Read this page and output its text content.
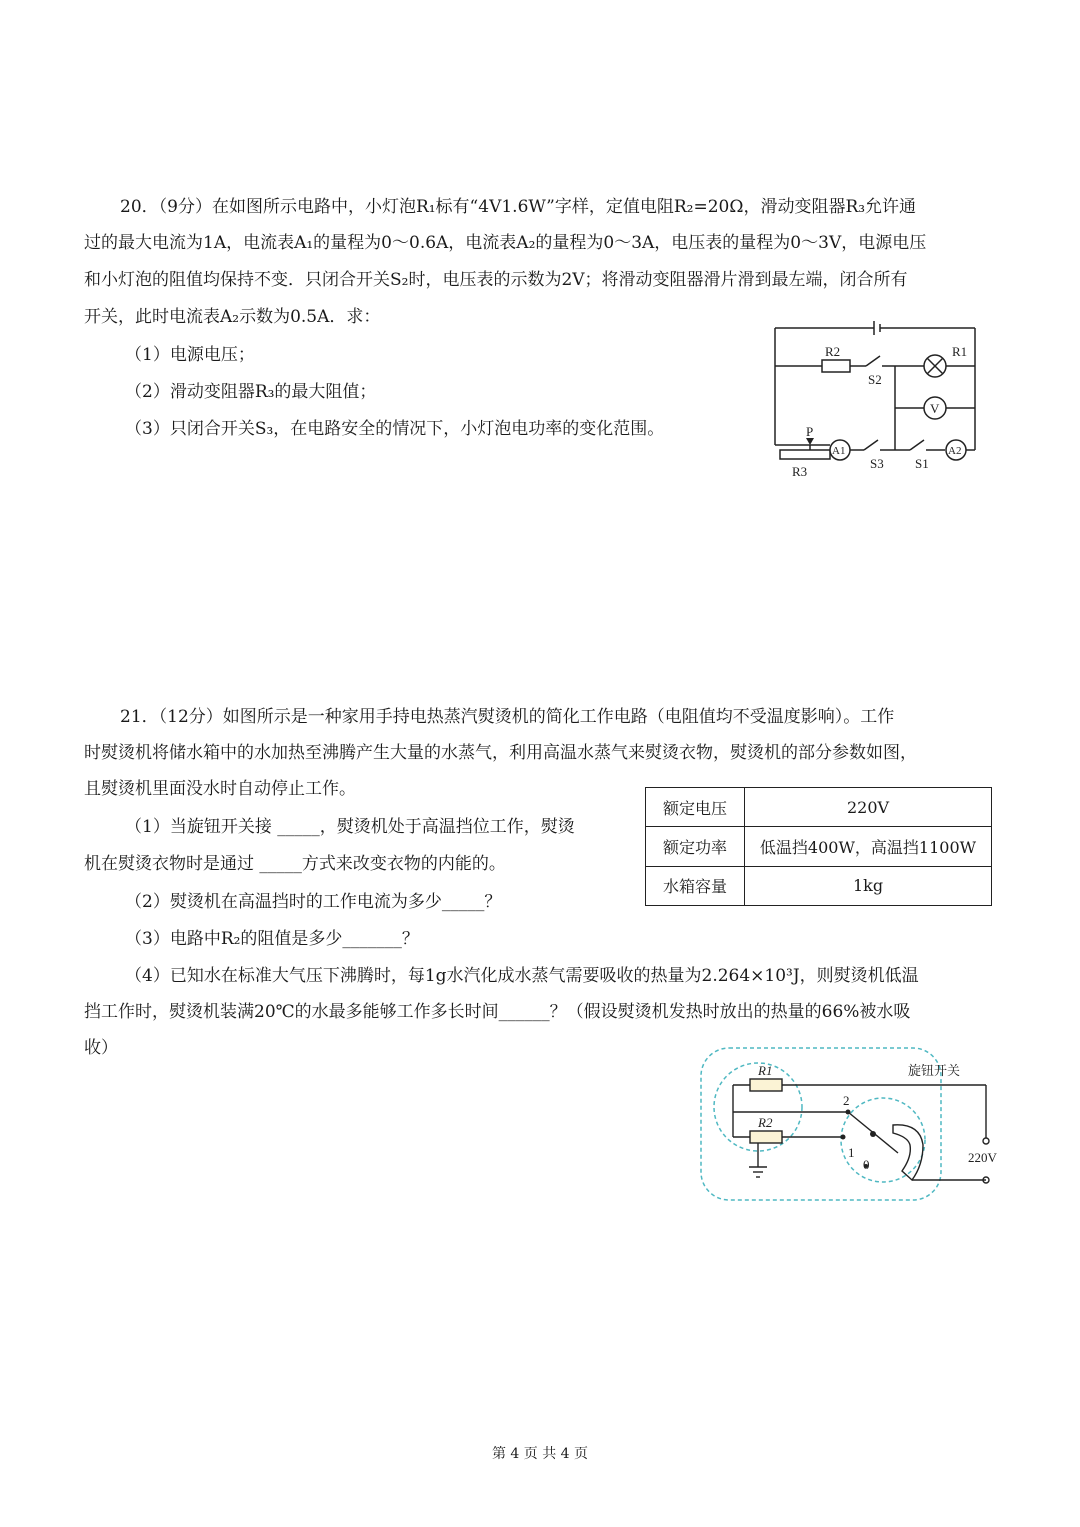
20．（9分）在如图所示电路中，小灯泡R₁标有“4V1.6W”字样，定值电阻R₂=20Ω，滑动变阻器R₃允许通
过的最大电流为1A，电流表A₁的量程为0～0.6A，电流表A₂的量程为0～3A，电压表的量程为0～3V，电源电压
和小灯泡的阻值均保持不变．只闭合开关S₂时，电压表的示数为2V；将滑动变阻器滑片滑到最左端，闭合所有
开关，此时电流表A₂示数为0.5A．求：
（1）电源电压；
（2）滑动变阻器R₃的最大阻值；
（3）只闭合开关S₃，在电路安全的情况下，小灯泡电功率的变化范围。
R2
S2
R1
V
P
A1
S3 S1
A2
R3
21．（12分）如图所示是一种家用手持电热蒸汽熨烫机的简化工作电路（电阻值均不受温度影响）。工作
时熨烫机将储水箱中的水加热至沸腾产生大量的水蒸气，利用高温水蒸气来熨烫衣物，熨烫机的部分参数如图，
且熨烫机里面没水时自动停止工作。
（1）当旋钮开关接 _____，熨烫机处于高温挡位工作，熨烫
机在熨烫衣物时是通过 _____方式来改变衣物的内能的。
（2）熨烫机在高温挡时的工作电流为多少_____？
（3）电路中R₂的阻值是多少_______？
（4）已知水在标准大气压下沸腾时，每1g水汽化成水蒸气需要吸收的热量为2.264×10³J，则熨烫机低温
挡工作时，熨烫机装满20℃的水最多能够工作多长时间______？（假设熨烫机发热时放出的热量的66%被水吸
收）
额定电压	220V
额定功率	低温挡400W，高温挡1100W
水箱容量	1kg
R1
R2
2
1
0
旋钮开关
220V
第 4 页 共 4 页
